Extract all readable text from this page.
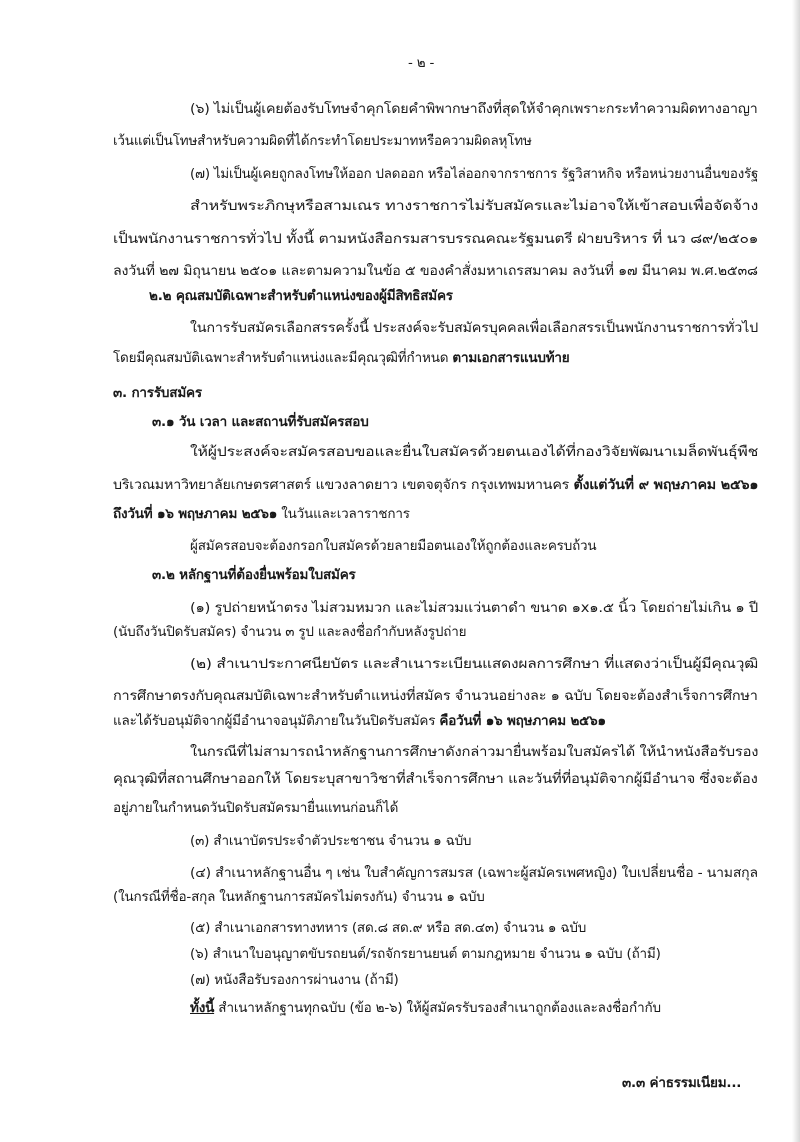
- ๒ -
(๖) ไม่เป็นผู้เคยต้องรับโทษจำคุกโดยคำพิพากษาถึงที่สุดให้จำคุกเพราะกระทำความผิดทางอาญา
เว้นแต่เป็นโทษสำหรับความผิดที่ได้กระทำโดยประมาทหรือความผิดลหุโทษ
(๗) ไม่เป็นผู้เคยถูกลงโทษให้ออก ปลดออก หรือไล่ออกจากราชการ รัฐวิสาหกิจ หรือหน่วยงานอื่นของรัฐ
สำหรับพระภิกษุหรือสามเณร ทางราชการไม่รับสมัครและไม่อาจให้เข้าสอบเพื่อจัดจ้าง
เป็นพนักงานราชการทั่วไป ทั้งนี้ ตามหนังสือกรมสารบรรณคณะรัฐมนตรี ฝ่ายบริหาร ที่ นว ๘๙/๒๕๐๑
ลงวันที่ ๒๗ มิถุนายน ๒๕๐๑ และตามความในข้อ ๕ ของคำสั่งมหาเถรสมาคม ลงวันที่ ๑๗ มีนาคม พ.ศ.๒๕๓๘
๒.๒ คุณสมบัติเฉพาะสำหรับตำแหน่งของผู้มีสิทธิสมัคร
ในการรับสมัครเลือกสรรครั้งนี้ ประสงค์จะรับสมัครบุคคลเพื่อเลือกสรรเป็นพนักงานราชการทั่วไป
โดยมีคุณสมบัติเฉพาะสำหรับตำแหน่งและมีคุณวุฒิที่กำหนด ตามเอกสารแนบท้าย
๓. การรับสมัคร
๓.๑ วัน เวลา และสถานที่รับสมัครสอบ
ให้ผู้ประสงค์จะสมัครสอบขอและยื่นใบสมัครด้วยตนเองได้ที่กองวิจัยพัฒนาเมล็ดพันธุ์พืช
บริเวณมหาวิทยาลัยเกษตรศาสตร์ แขวงลาดยาว เขตจตุจักร กรุงเทพมหานคร ตั้งแต่วันที่ ๙ พฤษภาคม ๒๕๖๑
ถึงวันที่ ๑๖ พฤษภาคม ๒๕๖๑ ในวันและเวลาราชการ
ผู้สมัครสอบจะต้องกรอกใบสมัครด้วยลายมือตนเองให้ถูกต้องและครบถ้วน
๓.๒ หลักฐานที่ต้องยื่นพร้อมใบสมัคร
(๑) รูปถ่ายหน้าตรง ไม่สวมหมวก และไม่สวมแว่นตาดำ ขนาด ๑x๑.๕ นิ้ว โดยถ่ายไม่เกิน ๑ ปี
(นับถึงวันปิดรับสมัคร) จำนวน ๓ รูป และลงชื่อกำกับหลังรูปถ่าย
(๒) สำเนาประกาศนียบัตร และสำเนาระเบียนแสดงผลการศึกษา ที่แสดงว่าเป็นผู้มีคุณวุฒิ
การศึกษาตรงกับคุณสมบัติเฉพาะสำหรับตำแหน่งที่สมัคร จำนวนอย่างละ ๑ ฉบับ โดยจะต้องสำเร็จการศึกษา
และได้รับอนุมัติจากผู้มีอำนาจอนุมัติภายในวันปิดรับสมัคร คือวันที่ ๑๖ พฤษภาคม ๒๕๖๑
ในกรณีที่ไม่สามารถนำหลักฐานการศึกษาดังกล่าวมายื่นพร้อมใบสมัครได้ ให้นำหนังสือรับรอง
คุณวุฒิที่สถานศึกษาออกให้ โดยระบุสาขาวิชาที่สำเร็จการศึกษา และวันที่ที่อนุมัติจากผู้มีอำนาจ ซึ่งจะต้อง
อยู่ภายในกำหนดวันปิดรับสมัครมายื่นแทนก่อนก็ได้
(๓) สำเนาบัตรประจำตัวประชาชน จำนวน ๑ ฉบับ
(๔) สำเนาหลักฐานอื่น ๆ เช่น ใบสำคัญการสมรส (เฉพาะผู้สมัครเพศหญิง) ใบเปลี่ยนชื่อ - นามสกุล
(ในกรณีที่ชื่อ-สกุล ในหลักฐานการสมัครไม่ตรงกัน) จำนวน ๑ ฉบับ
(๕) สำเนาเอกสารทางทหาร (สด.๘ สด.๙ หรือ สด.๔๓) จำนวน ๑ ฉบับ
(๖) สำเนาใบอนุญาตขับรถยนต์/รถจักรยานยนต์ ตามกฎหมาย จำนวน ๑ ฉบับ (ถ้ามี)
(๗) หนังสือรับรองการผ่านงาน (ถ้ามี)
ทั้งนี้ สำเนาหลักฐานทุกฉบับ (ข้อ ๒-๖) ให้ผู้สมัครรับรองสำเนาถูกต้องและลงชื่อกำกับ
๓.๓ ค่าธรรมเนียม...
